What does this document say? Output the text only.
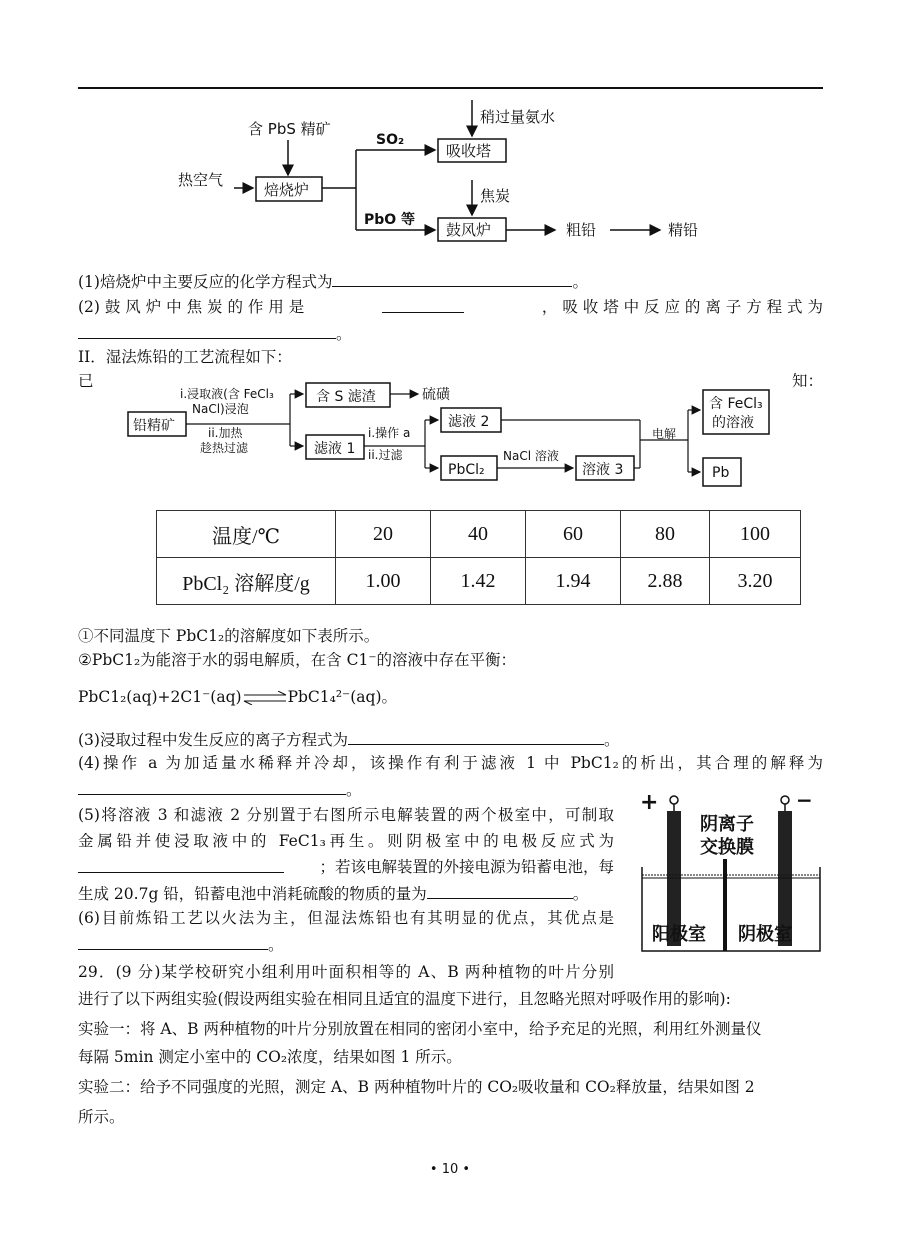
含 PbS 精矿
热空气
焙烧炉
SO₂
PbO 等
吸收塔
稍过量氨水
焦炭
鼓风炉	粗铅	精铅
(1)焙烧炉中主要反应的化学方程式为	。
(2) 鼓 风 炉 中 焦 炭 的 作 用 是	， 吸 收 塔 中 反 应 的 离 子 方 程 式 为
。
II．湿法炼铅的工艺流程如下：
已	知：
铅精矿
i.浸取液(含 FeCl₃
NaCl)浸泡
ii.加热
趁热过滤
含 S 滤渣	硫磺
滤液 1
i.操作 a
ii.过滤
滤液 2
PbCl₂
NaCl 溶液
溶液 3
电解
含 FeCl₃
的溶液
Pb
温度/℃	20	40	60	80	100
PbCl₂ 溶解度/g	1.00	1.42	1.94	2.88	3.20
①不同温度下 PbC1₂的溶解度如下表所示。
②PbC1₂为能溶于水的弱电解质，在含 C1⁻的溶液中存在平衡：
PbC1₂(aq)+2C1⁻(aq)⇌PbC1₄²⁻(aq)。
(3)浸取过程中发生反应的离子方程式为	。
(4)操作 a 为加适量水稀释并冷却，该操作有利于滤液 1 中 PbC1₂的析出，其合理的解释为
。
(5)将溶液 3 和滤液 2 分别置于右图所示电解装置的两个极室中，可制取
金属铅并使浸取液中的 FeC1₃再生。则阴极室中的电极反应式为
；若该电解装置的外接电源为铅蓄电池，每
生成 20.7g 铅，铅蓄电池中消耗硫酸的物质的量为	。
(6)目前炼铅工艺以火法为主，但湿法炼铅也有其明显的优点，其优点是
。
+	−
阴离子
交换膜
阳极室 阴极室
29．(9 分)某学校研究小组利用叶面积相等的 A、B 两种植物的叶片分别
进行了以下两组实验(假设两组实验在相同且适宜的温度下进行，且忽略光照对呼吸作用的影响):
实验一：将 A、B 两种植物的叶片分别放置在相同的密闭小室中，给予充足的光照，利用红外测量仪
每隔 5min 测定小室中的 CO₂浓度，结果如图 1 所示。
实验二：给予不同强度的光照，测定 A、B 两种植物叶片的 CO₂吸收量和 CO₂释放量，结果如图 2
所示。
• 10 •
